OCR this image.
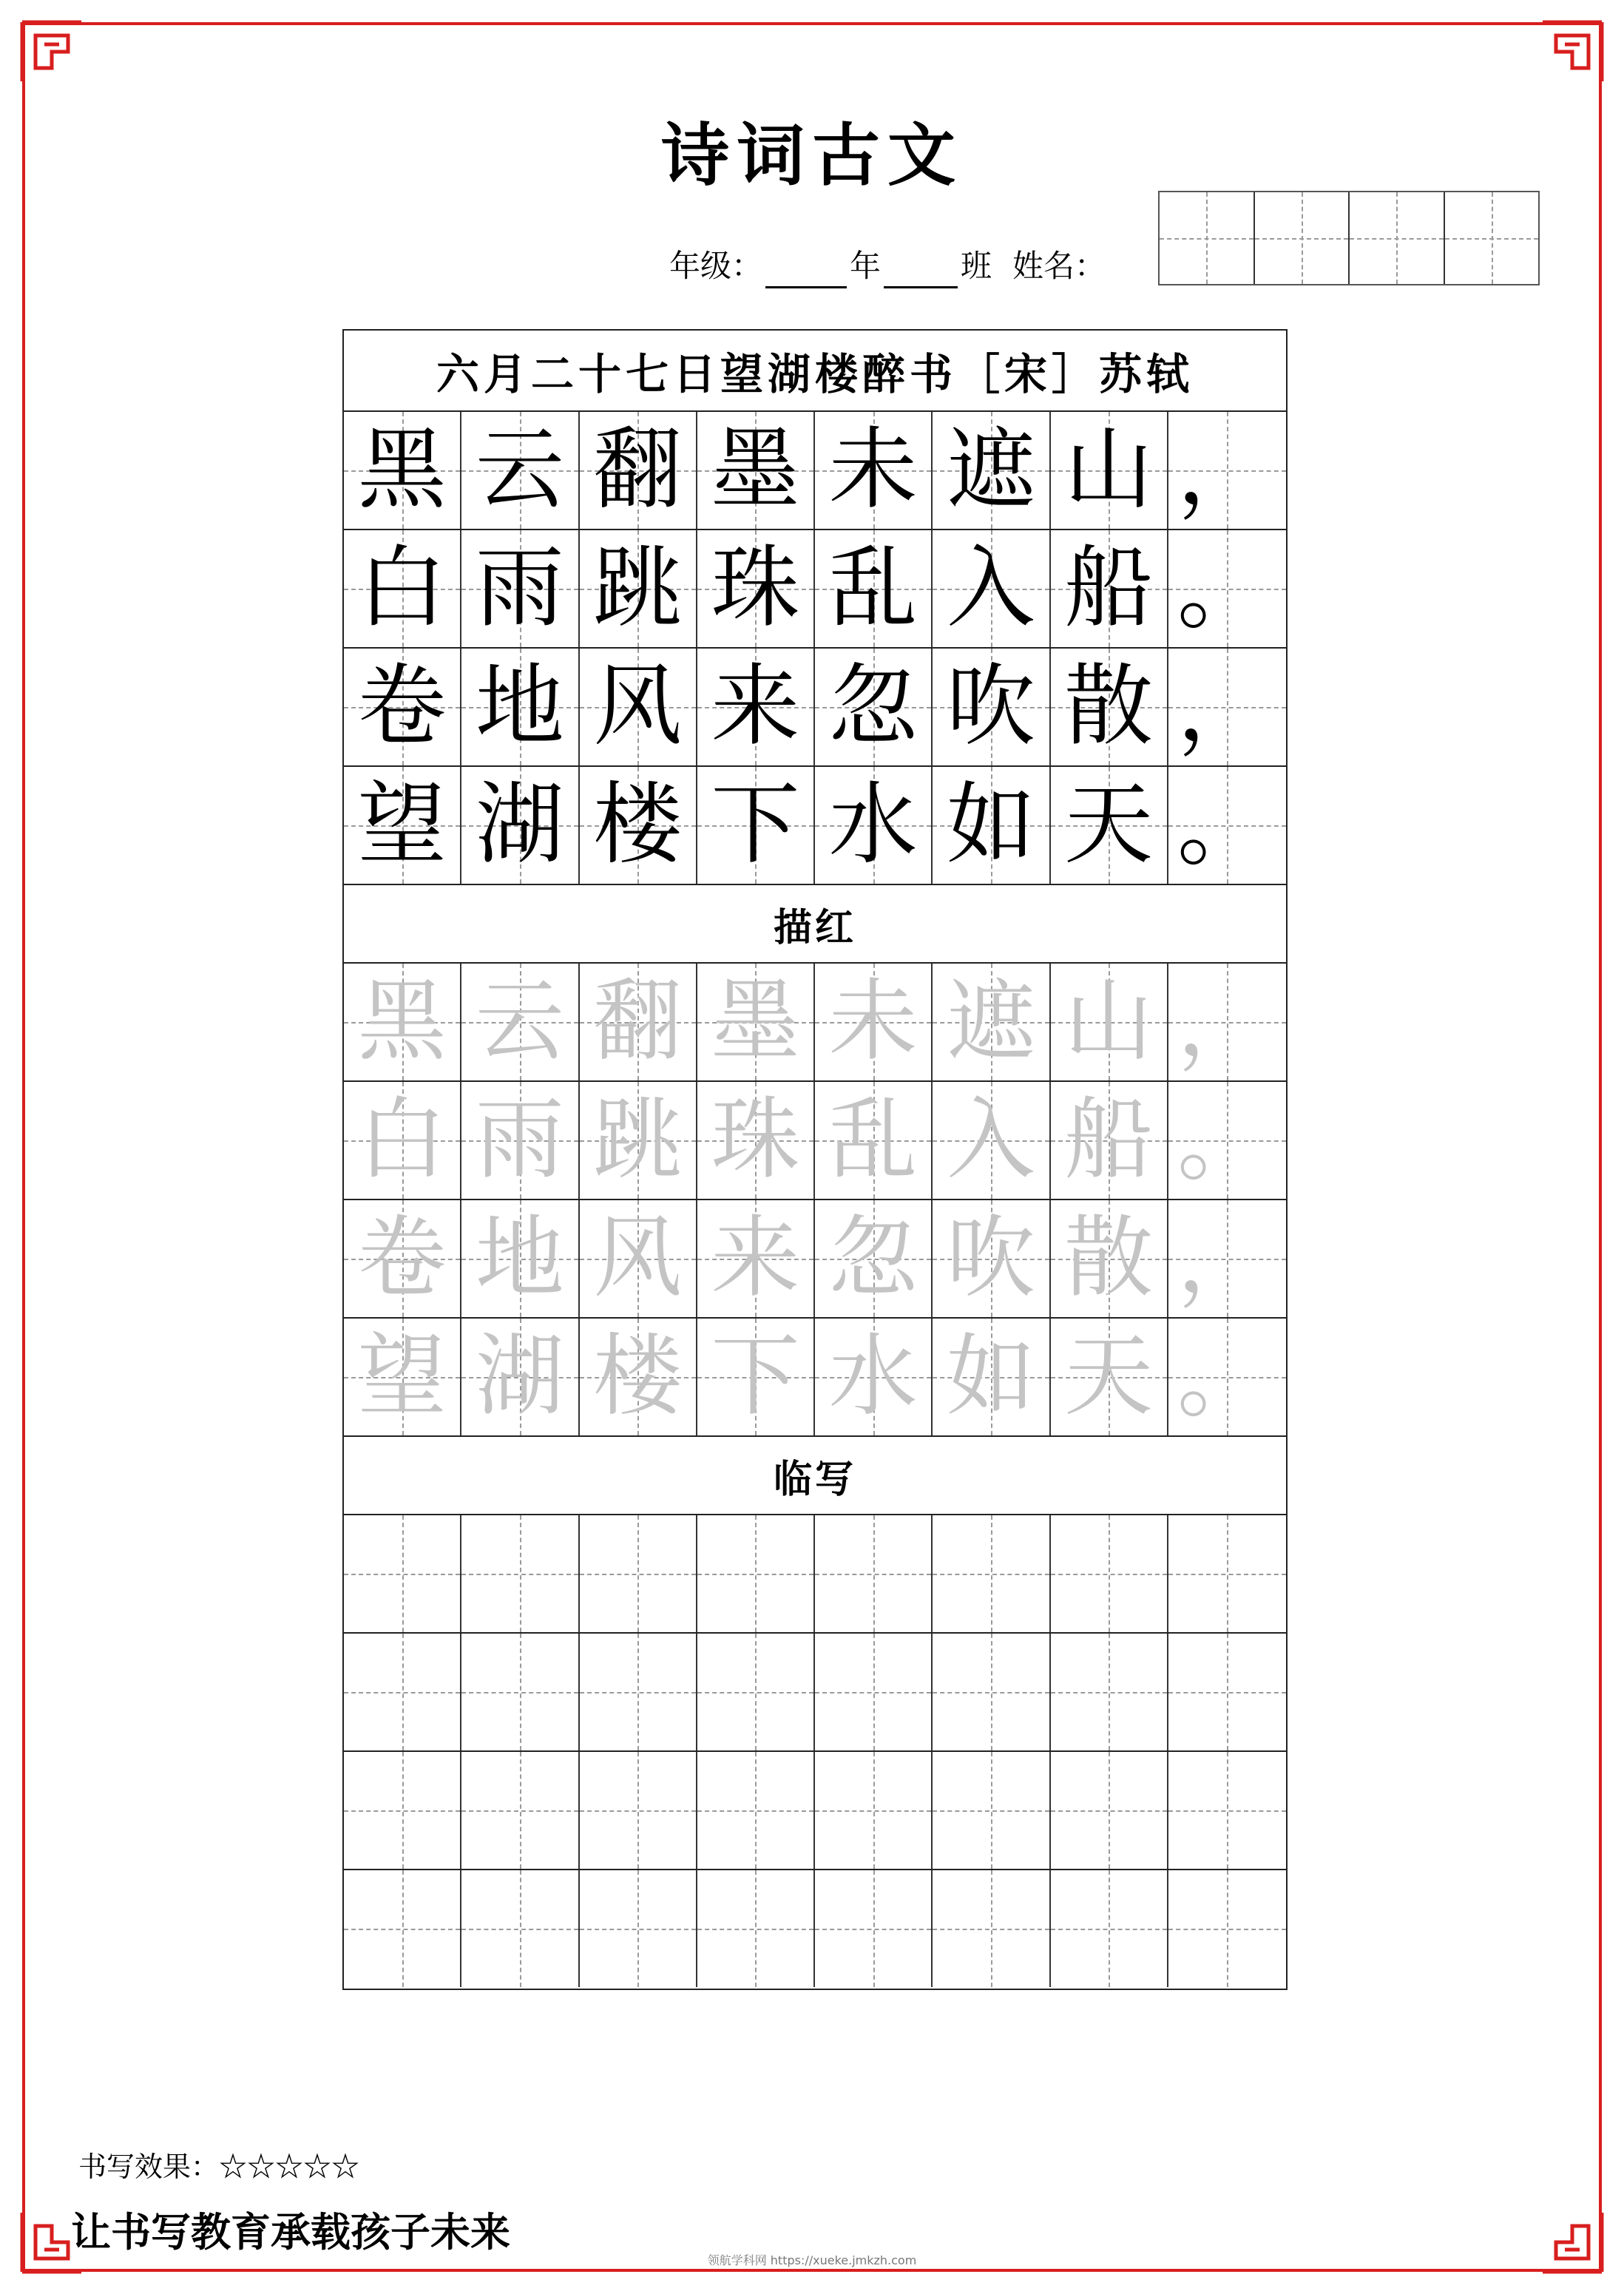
诗词古文
年级：	年	班 姓名：
六月二十七日望湖楼醉书［宋］苏轼
黑 云 翻 墨 未 遮 山 ，
白 雨 跳 珠 乱 入 船 。
卷 地 风 来 忽 吹 散 ，
望 湖 楼 下 水 如 天 。
描红
黑 云 翻 墨 未 遮 山 ，
白 雨 跳 珠 乱 入 船 。
卷 地 风 来 忽 吹 散 ，
望 湖 楼 下 水 如 天 。
临写
书写效果：☆☆☆☆☆
让书写教育承载孩子未来
领航学科网 https://xueke.jmkzh.com
